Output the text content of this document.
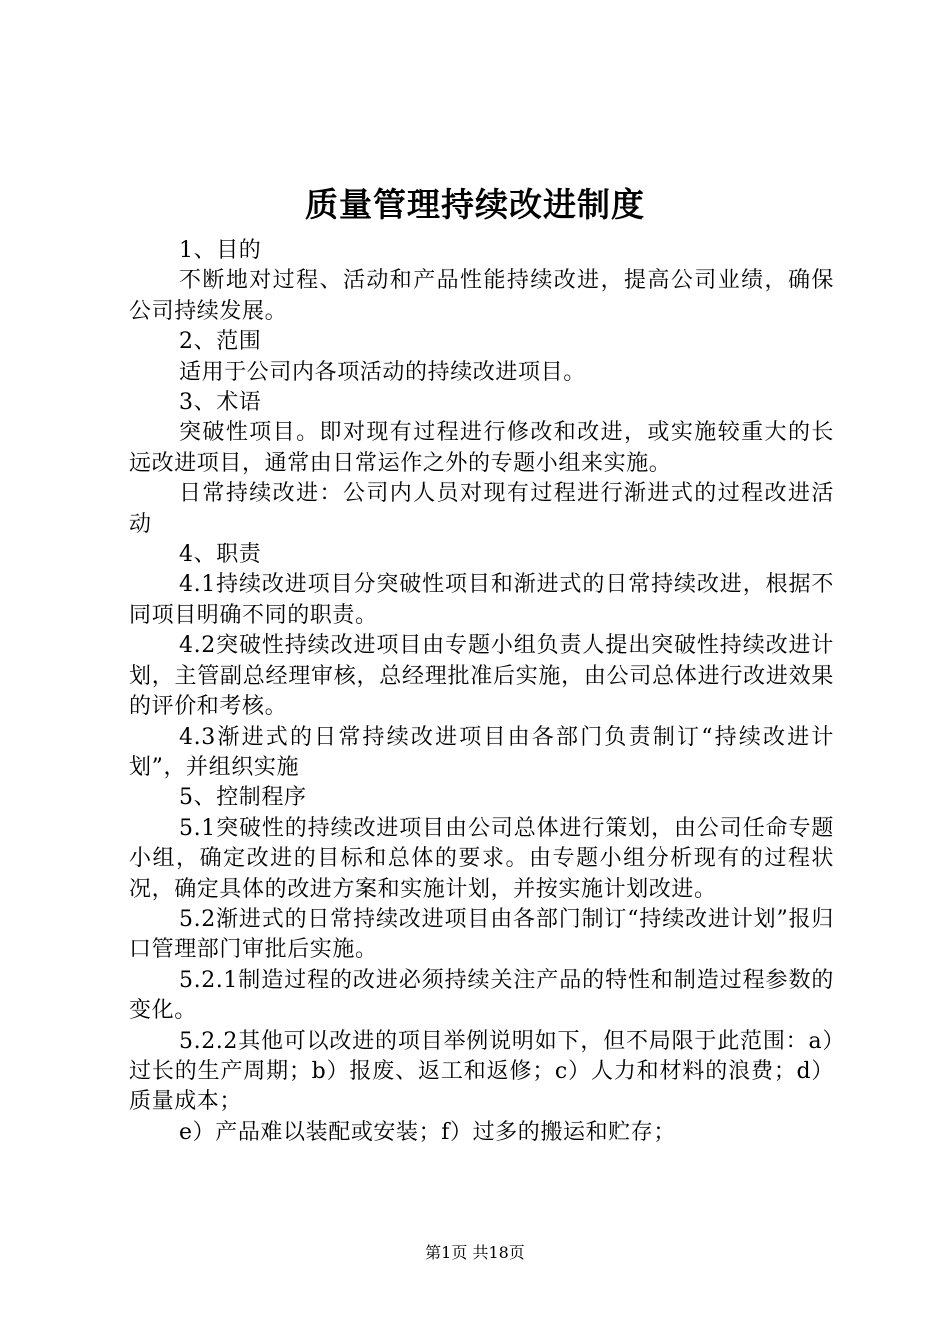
质量管理持续改进制度

1、目的

不断地对过程、活动和产品性能持续改进，提高公司业绩，确保公司持续发展。

2、范围

适用于公司内各项活动的持续改进项目。

3、术语

突破性项目。即对现有过程进行修改和改进，或实施较重大的长远改进项目，通常由日常运作之外的专题小组来实施。

日常持续改进：公司内人员对现有过程进行渐进式的过程改进活动

4、职责

4.1持续改进项目分突破性项目和渐进式的日常持续改进，根据不同项目明确不同的职责。

4.2突破性持续改进项目由专题小组负责人提出突破性持续改进计划，主管副总经理审核，总经理批准后实施，由公司总体进行改进效果的评价和考核。

4.3渐进式的日常持续改进项目由各部门负责制订“持续改进计划”，并组织实施

5、控制程序

5.1突破性的持续改进项目由公司总体进行策划，由公司任命专题小组，确定改进的目标和总体的要求。由专题小组分析现有的过程状况，确定具体的改进方案和实施计划，并按实施计划改进。

5.2渐进式的日常持续改进项目由各部门制订“持续改进计划”报归口管理部门审批后实施。

5.2.1制造过程的改进必须持续关注产品的特性和制造过程参数的变化。

5.2.2其他可以改进的项目举例说明如下，但不局限于此范围：a）过长的生产周期；b）报废、返工和返修；c）人力和材料的浪费；d）质量成本；

e）产品难以装配或安装；f）过多的搬运和贮存；

第1页 共18页
